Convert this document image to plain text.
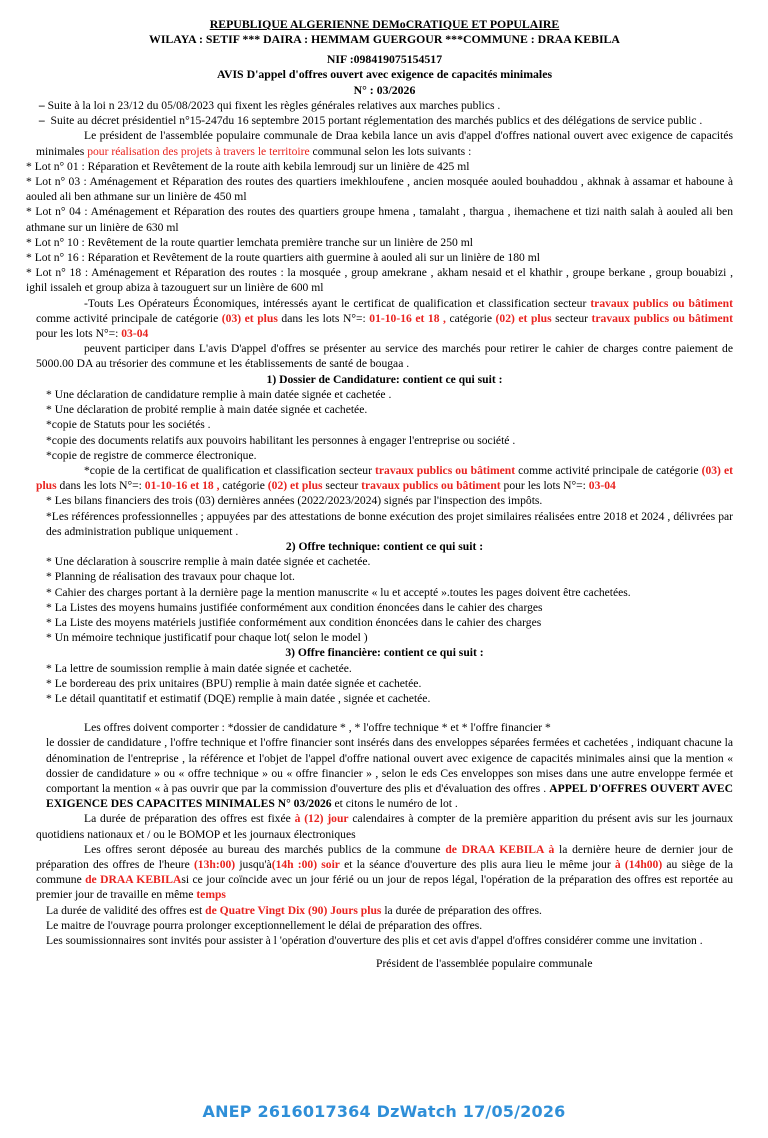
REPUBLIQUE ALGERIENNE DEMoCRATIQUE ET POPULAIRE

WILAYA : SETIF *** DAIRA : HEMMAM GUERGOUR ***COMMUNE : DRAA KEBILA

NIF :098419075154517

AVIS D'appel d'offres ouvert avec exigence de capacités minimales

N° : 03/2026

– Suite à la loi n 23/12 du 05/08/2023 qui fixent les règles générales relatives aux marches publics .

– Suite au décret présidentiel n°15-247du 16 septembre 2015 portant réglementation des marchés publics et des délégations de service public .

Le président de l'assemblée populaire communale de Draa kebila lance un avis d'appel d'offres national ouvert avec exigence de capacités minimales pour réalisation des projets à travers le territoire communal selon les lots suivants :

* Lot n° 01 : Réparation et Revêtement de la route aith kebila lemroudj sur un linière de 425 ml

* Lot n° 03 : Aménagement et Réparation des routes des quartiers imekhloufene , ancien mosquée aouled bouhaddou , akhnak à assamar et haboune à aouled ali ben athmane sur un linière de 450 ml

* Lot n° 04 : Aménagement et Réparation des routes des quartiers groupe hmena , tamalaht , thargua , ihemachene et tizi naith salah à aouled ali ben athmane sur un linière de 630 ml

* Lot n° 10 : Revêtement de la route quartier lemchata première tranche sur un linière de 250 ml

* Lot n° 16 : Réparation et Revêtement de la route quartiers aith guermine à aouled ali sur un linière de 180 ml

* Lot n° 18 : Aménagement et Réparation des routes : la mosquée , group amekrane , akham nesaid et el khathir , groupe berkane , group bouabizi , ighil issaleh et group abiza à tazouguert sur un linière de 600 ml

-Touts Les Opérateurs Économiques, intéressés ayant le certificat de qualification et classification secteur travaux publics ou bâtiment comme activité principale de catégorie (03) et plus dans les lots N°=: 01-10-16 et 18 , catégorie (02) et plus secteur travaux publics ou bâtiment pour les lots N°=: 03-04

peuvent participer dans L'avis D'appel d'offres se présenter au service des marchés pour retirer le cahier de charges contre paiement de 5000.00 DA au trésorier des commune et les établissements de santé de bougaa .

1) Dossier de Candidature: contient ce qui suit :

* Une déclaration de candidature remplie à main datée signée et cachetée .

* Une déclaration de probité remplie à main datée signée et cachetée.

*copie de Statuts pour les sociétés .

*copie des documents relatifs aux pouvoirs habilitant les personnes à engager l'entreprise ou société .

*copie de registre de commerce électronique.

*copie de la certificat de qualification et classification secteur travaux publics ou bâtiment comme activité principale de catégorie (03) et plus dans les lots N°=: 01-10-16 et 18 , catégorie (02) et plus secteur travaux publics ou bâtiment pour les lots N°=: 03-04

* Les bilans financiers des trois (03) dernières années (2022/2023/2024) signés par l'inspection des impôts.

*Les références professionnelles ; appuyées par des attestations de bonne exécution des projet similaires réalisées entre 2018 et 2024 , délivrées par des administration publique uniquement .

2) Offre technique: contient ce qui suit :

* Une déclaration à souscrire remplie à main datée signée et cachetée.

* Planning de réalisation des travaux pour chaque lot.

* Cahier des charges portant à la dernière page la mention manuscrite « lu et accepté ».toutes les pages doivent être cachetées.

* La Listes des moyens humains justifiée conformément aux condition énoncées dans le cahier des charges

* La Liste des moyens matériels justifiée conformément aux condition énoncées dans le cahier des charges

* Un mémoire technique justificatif pour chaque lot( selon le model )

3) Offre financière: contient ce qui suit :

* La lettre de soumission remplie à main datée signée et cachetée.

* Le bordereau des prix unitaires (BPU) remplie à main datée signée et cachetée.

* Le détail quantitatif et estimatif (DQE) remplie à main datée , signée et cachetée.

Les offres doivent comporter : *dossier de candidature * , * l'offre technique * et * l'offre financier *

le dossier de candidature , l'offre technique et l'offre financier sont insérés dans des enveloppes séparées fermées et cachetées , indiquant chacune la dénomination de l'entreprise , la référence et l'objet de l'appel d'offre national ouvert avec exigence de capacités minimales ainsi que la mention « dossier de candidature » ou « offre technique » ou « offre financier » , selon le eds Ces enveloppes son mises dans une autre enveloppe fermée et comportant la mention « à pas ouvrir que par la commission d'ouverture des plis et d'évaluation des offres . APPEL D'OFFRES OUVERT AVEC EXIGENCE DES CAPACITES MINIMALES N° 03/2026 et citons le numéro de lot .

La durée de préparation des offres est fixée à (12) jour calendaires à compter de la première apparition du présent avis sur les journaux quotidiens nationaux et / ou le BOMOP et les journaux électroniques

Les offres seront déposée au bureau des marchés publics de la commune de DRAA KEBILA à la dernière heure de dernier jour de préparation des offres de l'heure (13h:00) jusqu'à(14h :00) soir et la séance d'ouverture des plis aura lieu le même jour à (14h00) au siège de la commune de DRAA KEBILAsi ce jour coïncide avec un jour férié ou un jour de repos légal, l'opération de la préparation des offres est reportée au premier jour de travaille en même temps

La durée de validité des offres est de Quatre Vingt Dix (90) Jours plus la durée de préparation des offres.

Le maitre de l'ouvrage pourra prolonger exceptionnellement le délai de préparation des offres.

Les soumissionnaires sont invités pour assister à l 'opération d'ouverture des plis et cet avis d'appel d'offres considérer comme une invitation .

Président de l'assemblée populaire communale

ANEP 2616017364 DzWatch 17/05/2026
